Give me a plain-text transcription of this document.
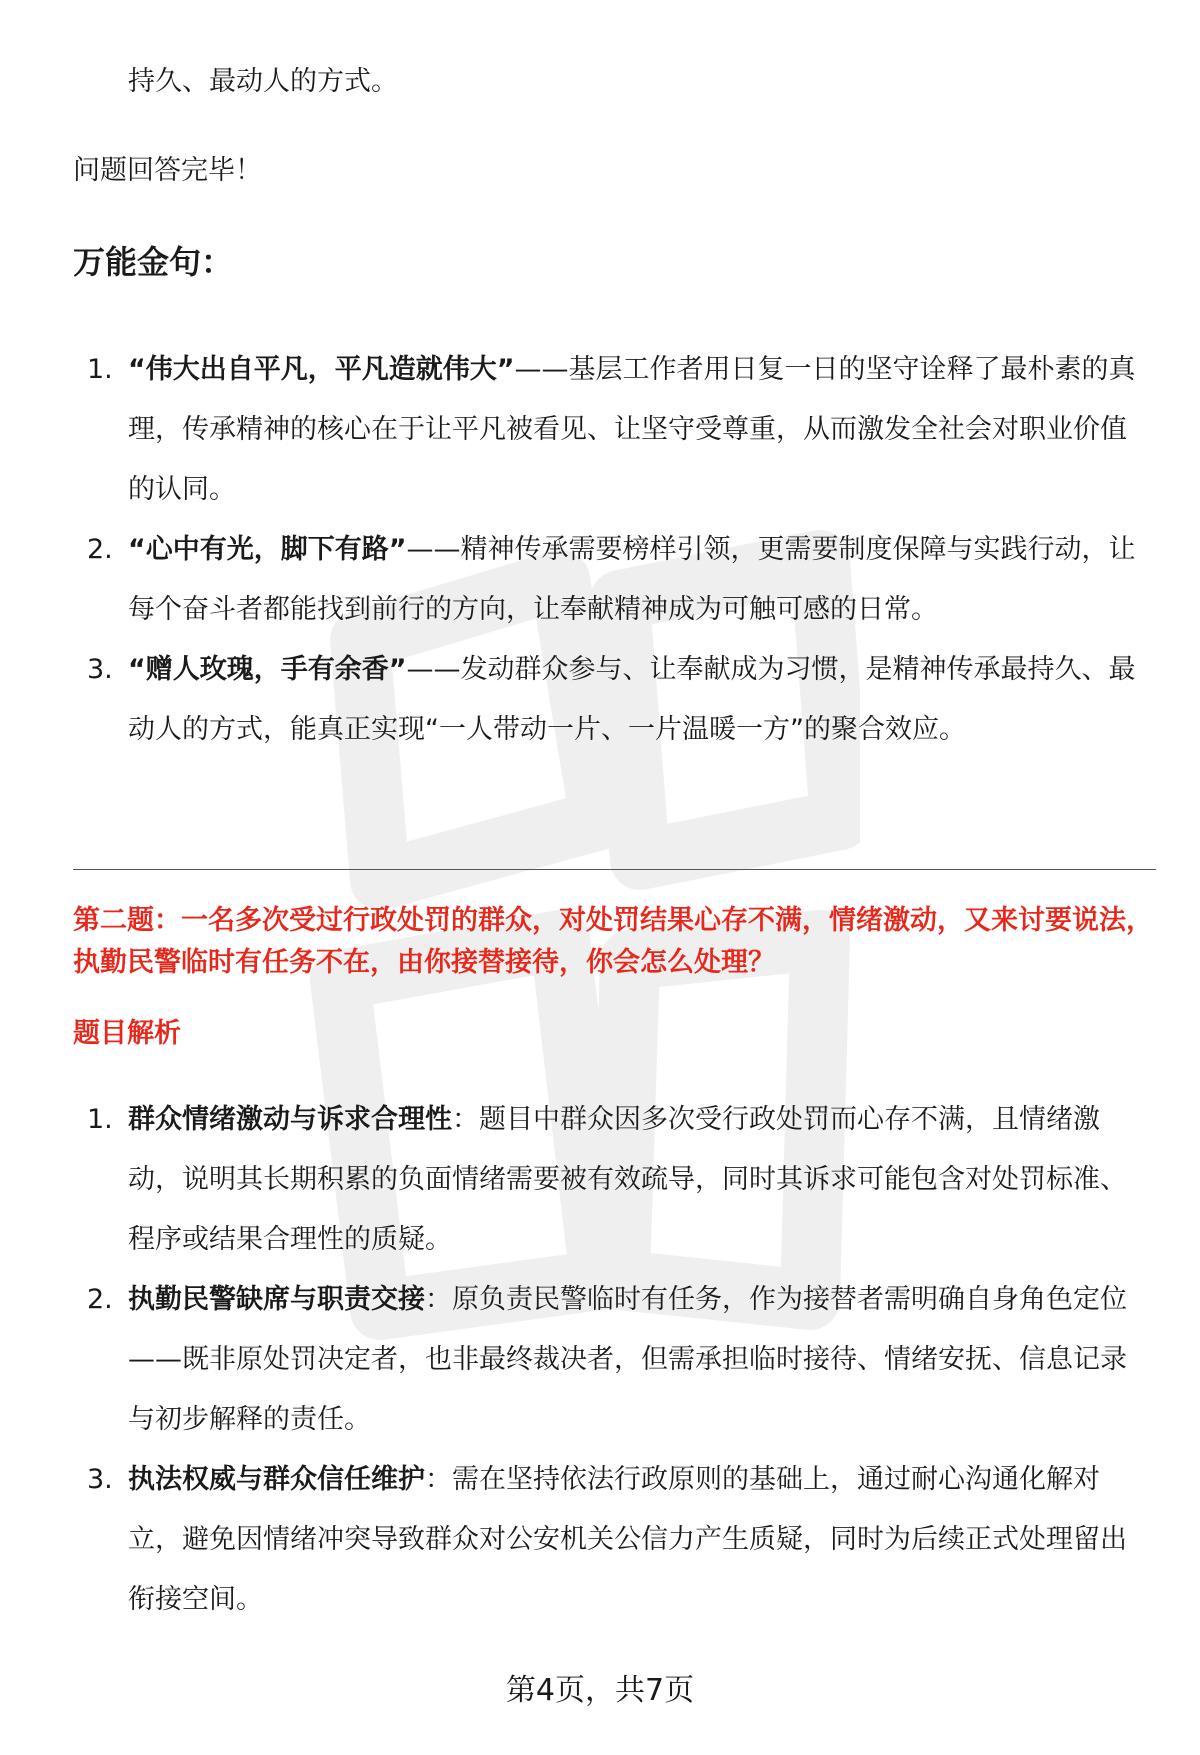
持久、最动人的方式。

问题回答完毕！

万能金句：
1. “伟大出自平凡，平凡造就伟大”——基层工作者用日复一日的坚守诠释了最朴素的真理，传承精神的核心在于让平凡被看见、让坚守受尊重，从而激发全社会对职业价值的认同。
2. “心中有光，脚下有路”——精神传承需要榜样引领，更需要制度保障与实践行动，让每个奋斗者都能找到前行的方向，让奉献精神成为可触可感的日常。
3. “赠人玫瑰，手有余香”——发动群众参与、让奉献成为习惯，是精神传承最持久、最动人的方式，能真正实现“一人带动一片、一片温暖一方”的聚合效应。

第二题：一名多次受过行政处罚的群众，对处罚结果心存不满，情绪激动，又来讨要说法，执勤民警临时有任务不在，由你接替接待，你会怎么处理？

题目解析

1. 群众情绪激动与诉求合理性：题目中群众因多次受行政处罚而心存不满，且情绪激动，说明其长期积累的负面情绪需要被有效疏导，同时其诉求可能包含对处罚标准、程序或结果合理性的质疑。
2. 执勤民警缺席与职责交接：原负责民警临时有任务，作为接替者需明确自身角色定位——既非原处罚决定者，也非最终裁决者，但需承担临时接待、情绪安抚、信息记录与初步解释的责任。
3. 执法权威与群众信任维护：需在坚持依法行政原则的基础上，通过耐心沟通化解对立，避免因情绪冲突导致群众对公安机关公信力产生质疑，同时为后续正式处理留出衔接空间。

第4页，共7页
